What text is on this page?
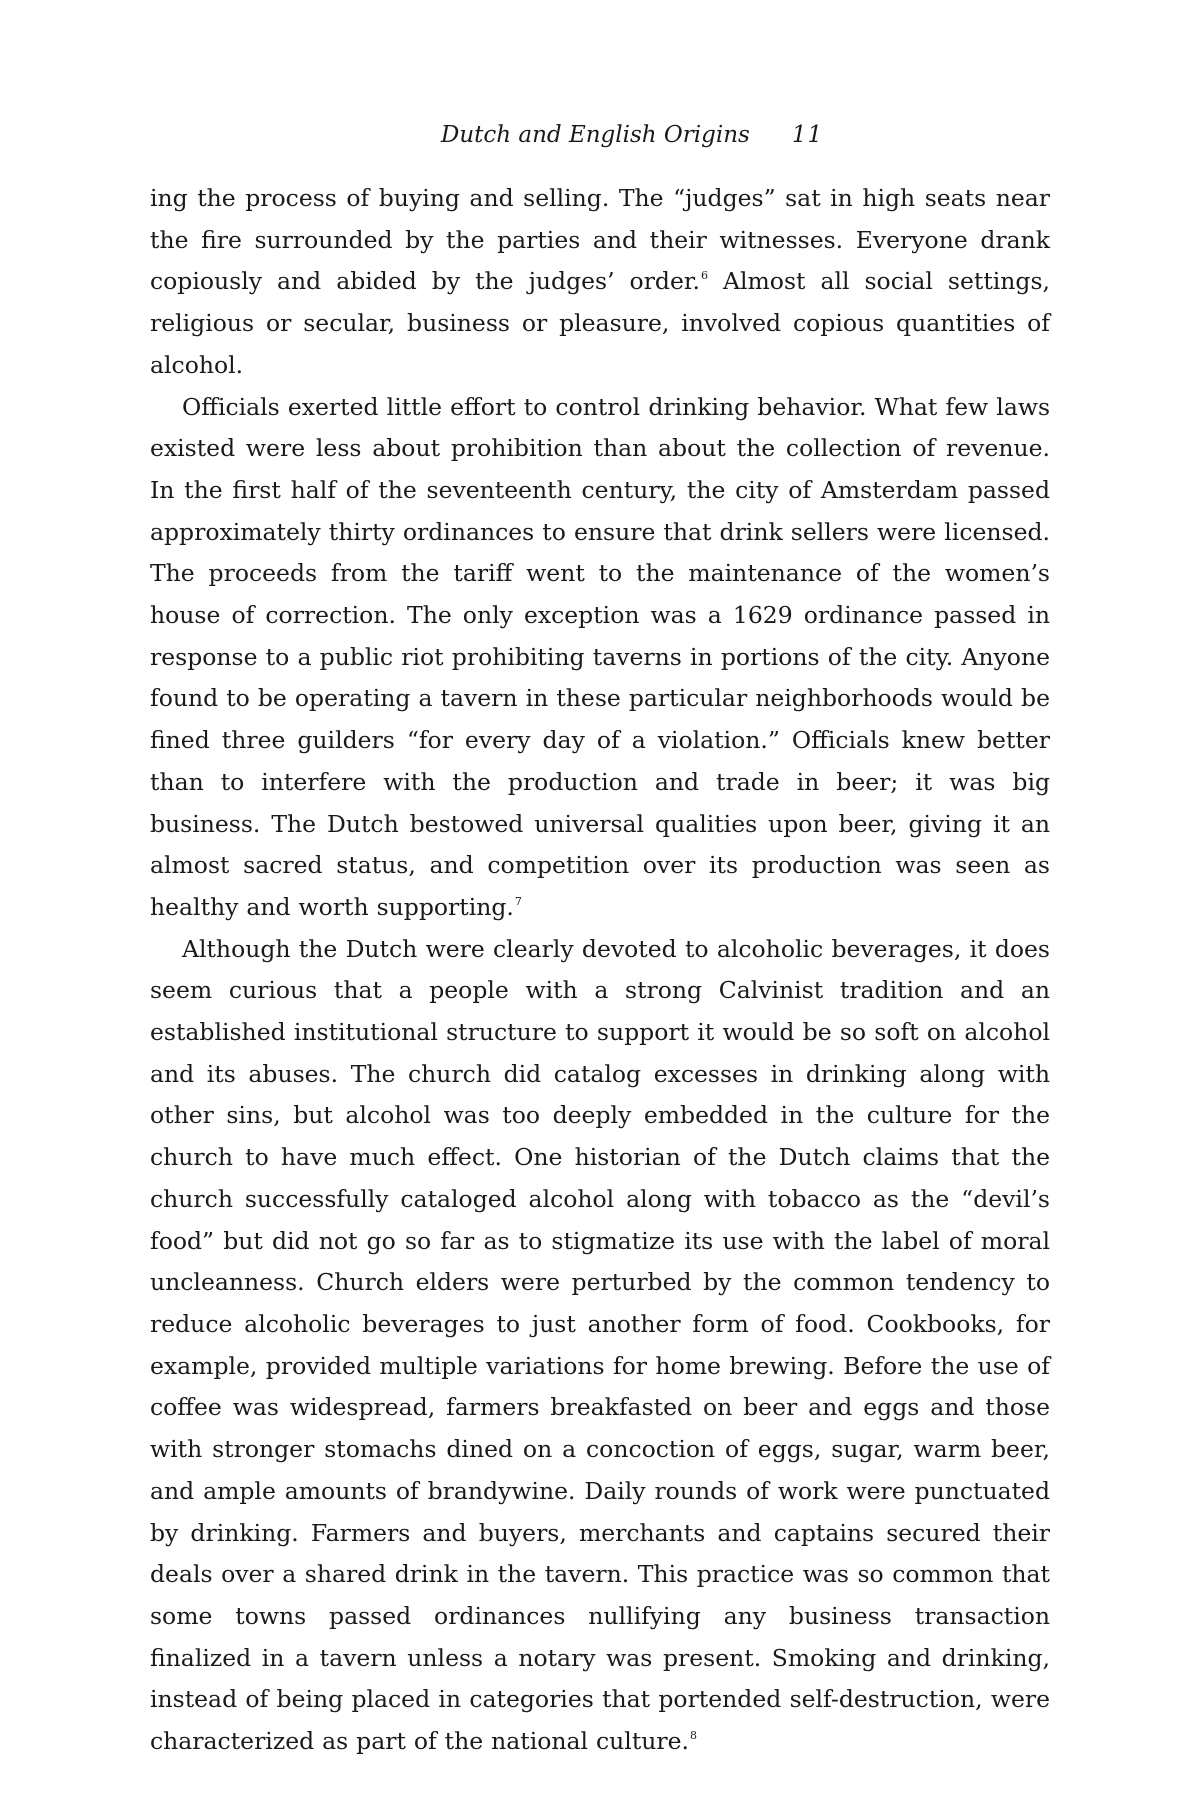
Dutch and English Origins 11

ing the process of buying and selling. The “judges” sat in high seats near the fire surrounded by the parties and their witnesses. Everyone drank copiously and abided by the judges’ order.$^6$ Almost all social settings, religious or secular, business or pleasure, involved copious quantities of alcohol.

Officials exerted little effort to control drinking behavior. What few laws existed were less about prohibition than about the collection of revenue. In the first half of the seventeenth century, the city of Amsterdam passed approximately thirty ordinances to ensure that drink sellers were licensed. The proceeds from the tariff went to the maintenance of the women’s house of correction. The only exception was a 1629 ordinance passed in response to a public riot prohibiting taverns in portions of the city. Anyone found to be operating a tavern in these particular neighborhoods would be fined three guilders “for every day of a violation.” Officials knew better than to interfere with the production and trade in beer; it was big business. The Dutch bestowed universal qualities upon beer, giving it an almost sacred status, and competition over its production was seen as healthy and worth supporting.$^7$

Although the Dutch were clearly devoted to alcoholic beverages, it does seem curious that a people with a strong Calvinist tradition and an established institutional structure to support it would be so soft on alcohol and its abuses. The church did catalog excesses in drinking along with other sins, but alcohol was too deeply embedded in the culture for the church to have much effect. One historian of the Dutch claims that the church successfully cataloged alcohol along with tobacco as the “devil’s food” but did not go so far as to stigmatize its use with the label of moral uncleanness. Church elders were perturbed by the common tendency to reduce alcoholic beverages to just another form of food. Cookbooks, for example, provided multiple variations for home brewing. Before the use of coffee was widespread, farmers breakfasted on beer and eggs and those with stronger stomachs dined on a concoction of eggs, sugar, warm beer, and ample amounts of brandywine. Daily rounds of work were punctuated by drinking. Farmers and buyers, merchants and captains secured their deals over a shared drink in the tavern. This practice was so common that some towns passed ordinances nullifying any business transaction finalized in a tavern unless a notary was present. Smoking and drinking, instead of being placed in categories that portended self-destruction, were characterized as part of the national culture.$^8$
